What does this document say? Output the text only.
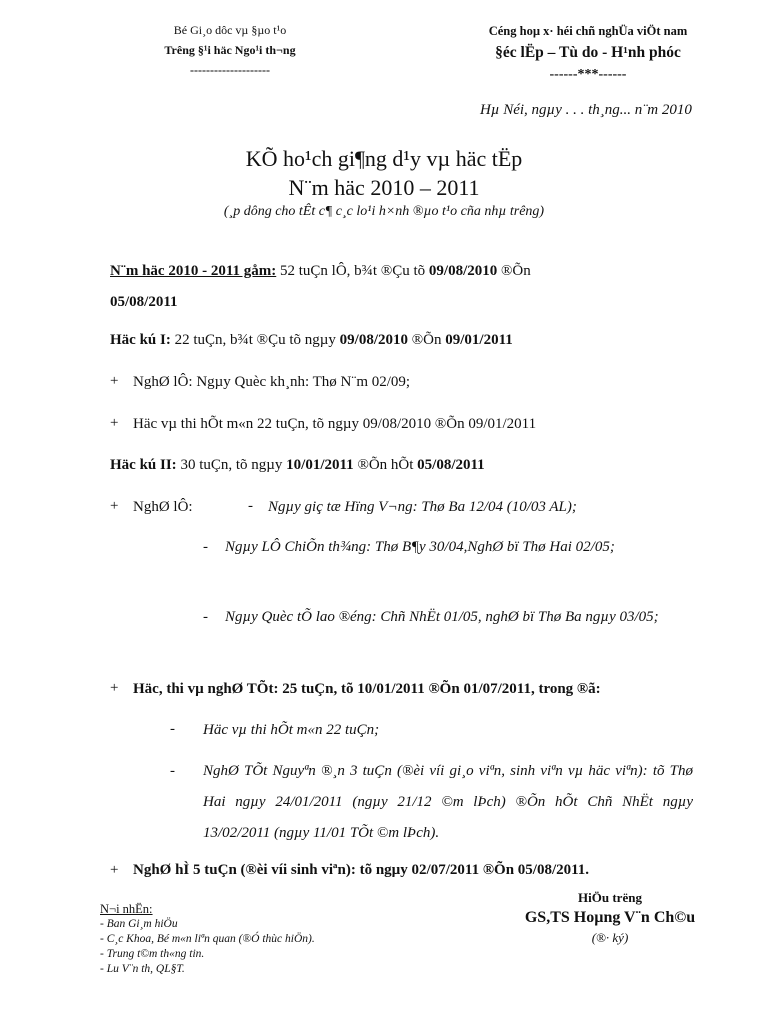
Bé Gi¸o dôc vµ §µo t¹o
Trêng §¹i häc Ngo¹i th¬ng
--------------------
Céng hoµ x· héi chñ nghÜa viÖt nam
§éc lËp – Tù do - H¹nh phóc
------***------
Hµ Néi, ngµy . . . th¸ng... n¨m 2010
KÕ ho¹ch gi¶ng d¹y vµ häc tËp
N¨m häc 2010 – 2011
(¸p dông cho tÊt c¶ c¸c lo¹i h×nh ®µo t¹o cña nhµ trêng)
N¨m häc 2010 - 2011 gåm: 52 tuÇn lÔ, b¾t ®Çu tõ 09/08/2010 ®Õn
05/08/2011
Häc kú I: 22 tuÇn, b¾t ®Çu tõ ngµy 09/08/2010 ®Õn 09/01/2011
+ NghØ lÔ: Ngµy Quèc kh¸nh: Thø N¨m 02/09;
+ Häc vµ thi hÕt m«n 22 tuÇn, tõ ngµy 09/08/2010 ®Õn 09/01/2011
Häc kú II: 30 tuÇn, tõ ngµy 10/01/2011 ®Õn hÕt 05/08/2011
+ NghØ lÔ:	- Ngµy giç tæ Hïng V¬ng: Thø Ba 12/04 (10/03 AL);
- Ngµy LÔ ChiÕn th¾ng: Thø B¶y 30/04,NghØ bï Thø Hai 02/05;
- Ngµy Quèc tÕ lao ®éng: Chñ NhËt 01/05, nghØ bï Thø Ba ngµy 03/05;
+ Häc, thi vµ nghØ TÕt: 25 tuÇn, tõ 10/01/2011 ®Õn 01/07/2011, trong ®ã:
- Häc vµ thi hÕt m«n 22 tuÇn;
- NghØ TÕt Nguyªn ®¸n 3 tuÇn (®èi víi gi¸o viªn, sinh viªn vµ häc viªn): tõ Thø Hai ngµy 24/01/2011 (ngµy 21/12 ©m lÞch) ®Õn hÕt Chñ NhËt ngµy 13/02/2011 (ngµy 11/01 TÕt ©m lÞch).
+ NghØ hÌ 5 tuÇn (®èi víi sinh viªn): tõ ngµy 02/07/2011 ®Õn 05/08/2011.
N¬i nhËn:
- Ban Gi¸m hiÖu
- C¸c Khoa, Bé m«n liªn quan (®Ó thùc hiÖn).
- Trung t©m th«ng tin.
- Lu V¨n th, QL§T.
HiÖu trëng
GS,TS Hoµng V¨n Ch©u
(®· ký)
